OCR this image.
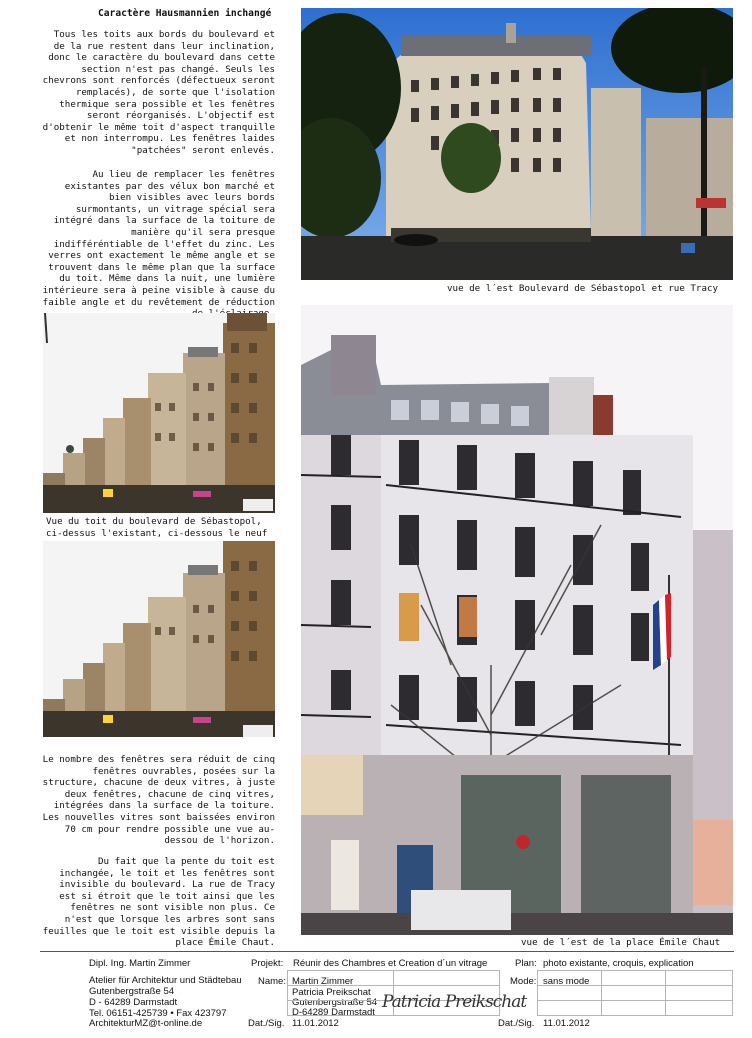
Caractère Hausmannien inchangé
Tous les toits aux bords du boulevard et de la rue restent dans leur inclination, donc le caractère du boulevard dans cette section n'est pas changé. Seuls les chevrons sont renforcés (défectueux seront remplacés), de sorte que l'isolation thermique sera possible et les fenêtres seront réorganisés. L'objectif est d'obtenir le même toit d'aspect tranquille et non interrompu. Les fenêtres laides "patchées" seront enlevés.
Au lieu de remplacer les fenêtres existantes par des vélux bon marché et bien visibles avec leurs bords surmontants, un vitrage spécial sera intégré dans la surface de la toiture de manière qu'il sera presque indifféréntiable de l'effet du zinc. Les verres ont exactement le même angle et se trouvent dans le même plan que la surface du toit. Même dans la nuit, une lumière intérieure sera à peine visible à cause du faible angle et du revêtement de réduction
Vue du toit du boulevard de Sébastopol,
ci-dessus l'existant, ci-dessous le neuf
Le nombre des fenêtres sera réduit de cinq fenêtres ouvrables, posées sur la structure, chacune de deux vitres, à juste deux fenêtres, chacune de cinq vitres, intégrées dans la surface de la toiture. Les nouvelles vitres sont baissées environ 70 cm pour rendre possible une vue au-dessou de l'horizon.
Du fait que la pente du toit est inchangée, le toit et les fenêtres sont invisible du boulevard. La rue de Tracy est si étroit que le toit ainsi que les fenêtres ne sont visible non plus. Ce n'est que lorsque les arbres sont sans feuilles que le toit est visible depuis la place Émile Chaut.
vue de l´est Boulevard de Sébastopol et rue Tracy
vue de l´est de la place Émile Chaut
Dipl. Ing. Martin Zimmer
Atelier für Architektur und Städtebau
Gutenbergstraße 54
D - 64289 Darmstadt
Tel. 06151-425739 • Fax 423797
ArchitekturMZ@t-online.de	Dat./Sig. 11.01.2012
Projekt: Réunir des Chambres et Creation d´un vitrage
Name: Martin Zimmer
Patricia Preikschat
Gutenbergstraße 54
D-64289 Darmstadt
Patricia Preikschat
Plan: photo existante, croquis, explication
Mode: sans mode
Dat./Sig. 11.01.2012
